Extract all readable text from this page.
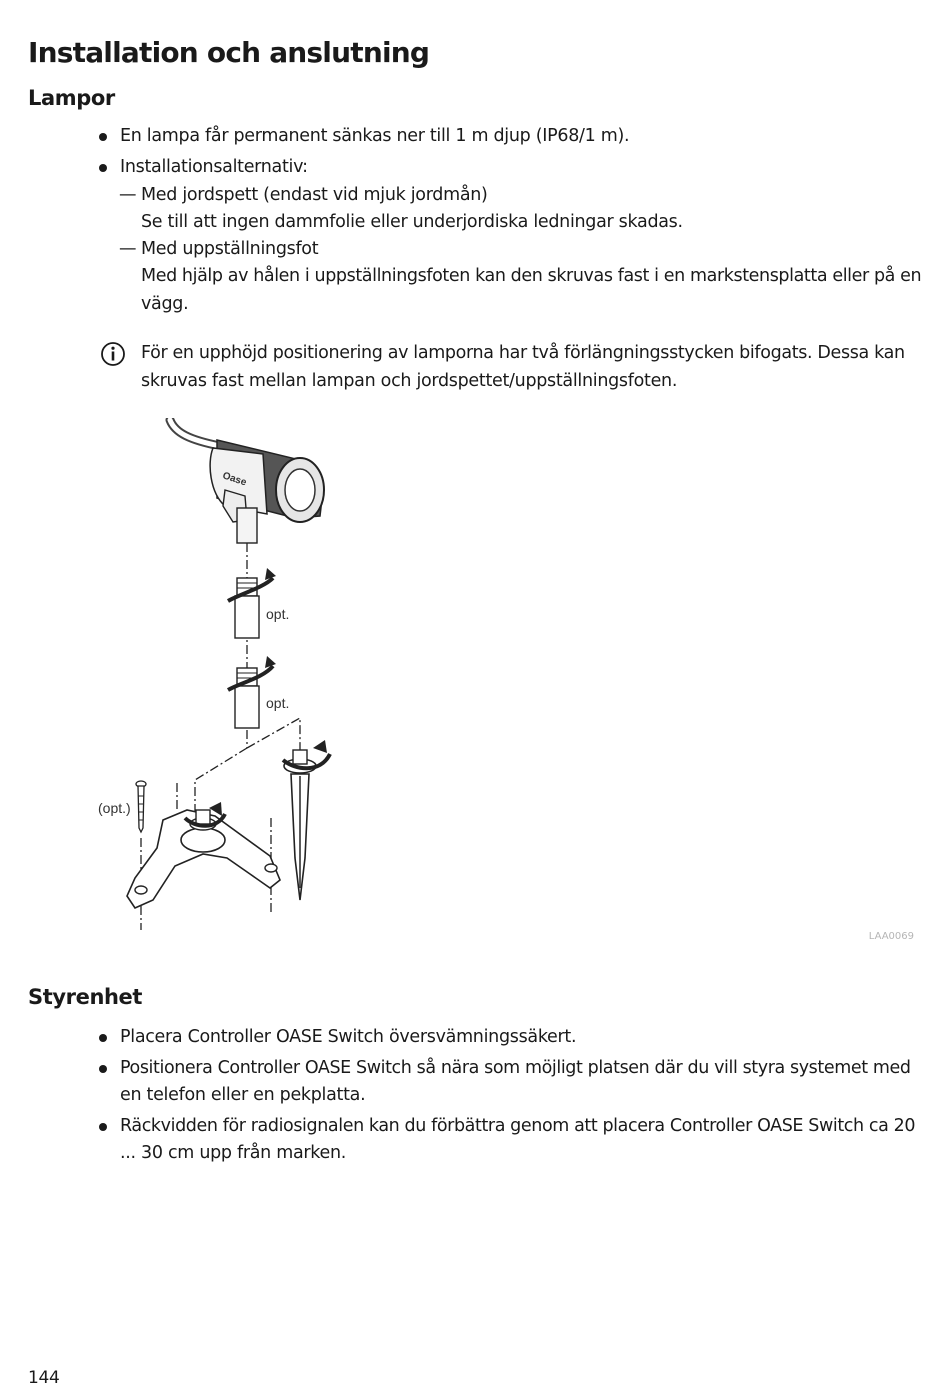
Installation och anslutning
Lampor
En lampa får permanent sänkas ner till 1 m djup (IP68/1 m).
Installationsalternativ:
— Med jordspett (endast vid mjuk jordmån)
Se till att ingen dammfolie eller underjordiska ledningar skadas.
— Med uppställningsfot
Med hjälp av hålen i uppställningsfoten kan den skruvas fast i en markstensplatta eller på en
vägg.
För en upphöjd positionering av lamporna har två förlängningsstycken bifogats. Dessa kan
skruvas fast mellan lampan och jordspettet/uppställningsfoten.
Oase
opt.
opt.
(opt.)
LAA0069
Styrenhet
Placera Controller OASE Switch översvämningssäkert.
Positionera Controller OASE Switch så nära som möjligt platsen där du vill styra systemet med
en telefon eller en pekplatta.
Räckvidden för radiosignalen kan du förbättra genom att placera Controller OASE Switch ca 20
... 30 cm upp från marken.
144
